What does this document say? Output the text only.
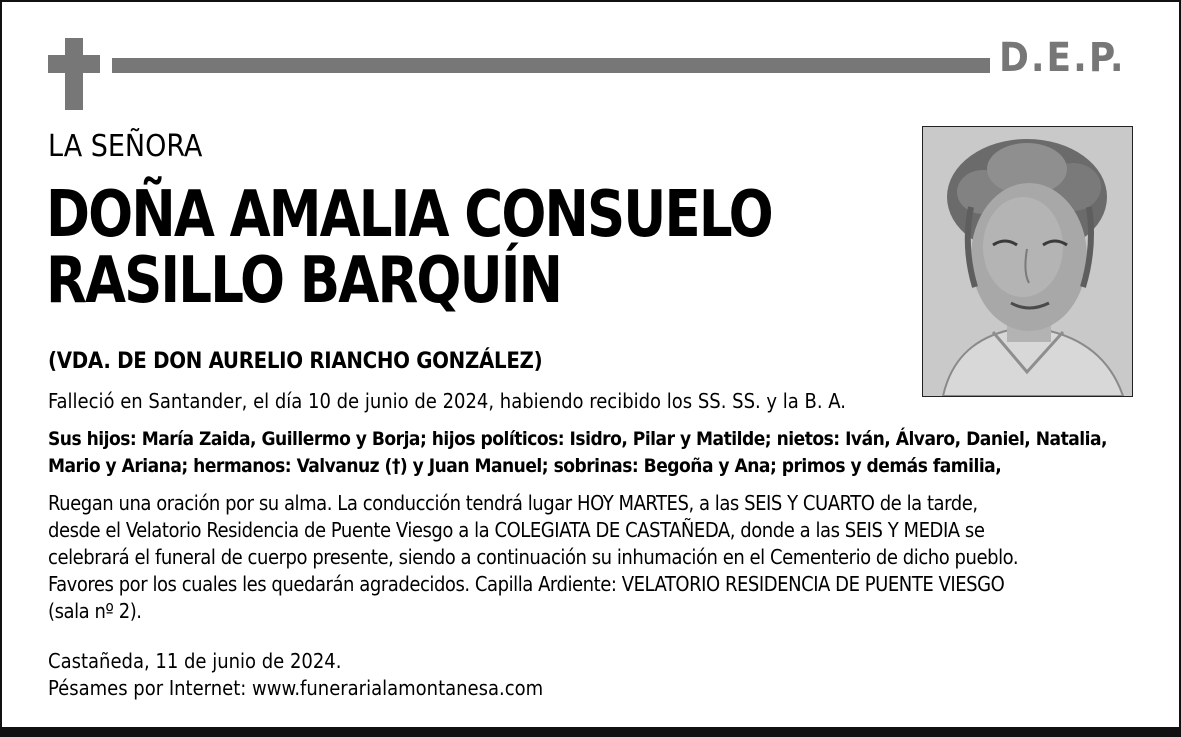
D.E.P.
LA SEÑORA
DOÑA AMALIA CONSUELO
RASILLO BARQUÍN
(VDA. DE DON AURELIO RIANCHO GONZÁLEZ)
Falleció en Santander, el día 10 de junio de 2024, habiendo recibido los SS. SS. y la B. A.
Sus hijos: María Zaida, Guillermo y Borja; hijos políticos: Isidro, Pilar y Matilde; nietos: Iván, Álvaro, Daniel, Natalia,
Mario y Ariana; hermanos: Valvanuz (†) y Juan Manuel; sobrinas: Begoña y Ana; primos y demás familia,
Ruegan una oración por su alma. La conducción tendrá lugar HOY MARTES, a las SEIS Y CUARTO de la tarde,
desde el Velatorio Residencia de Puente Viesgo a la COLEGIATA DE CASTAÑEDA, donde a las SEIS Y MEDIA se
celebrará el funeral de cuerpo presente, siendo a continuación su inhumación en el Cementerio de dicho pueblo.
Favores por los cuales les quedarán agradecidos. Capilla Ardiente: VELATORIO RESIDENCIA DE PUENTE VIESGO
(sala nº 2).
Castañeda, 11 de junio de 2024.
Pésames por Internet: www.funerarialamontanesa.com
